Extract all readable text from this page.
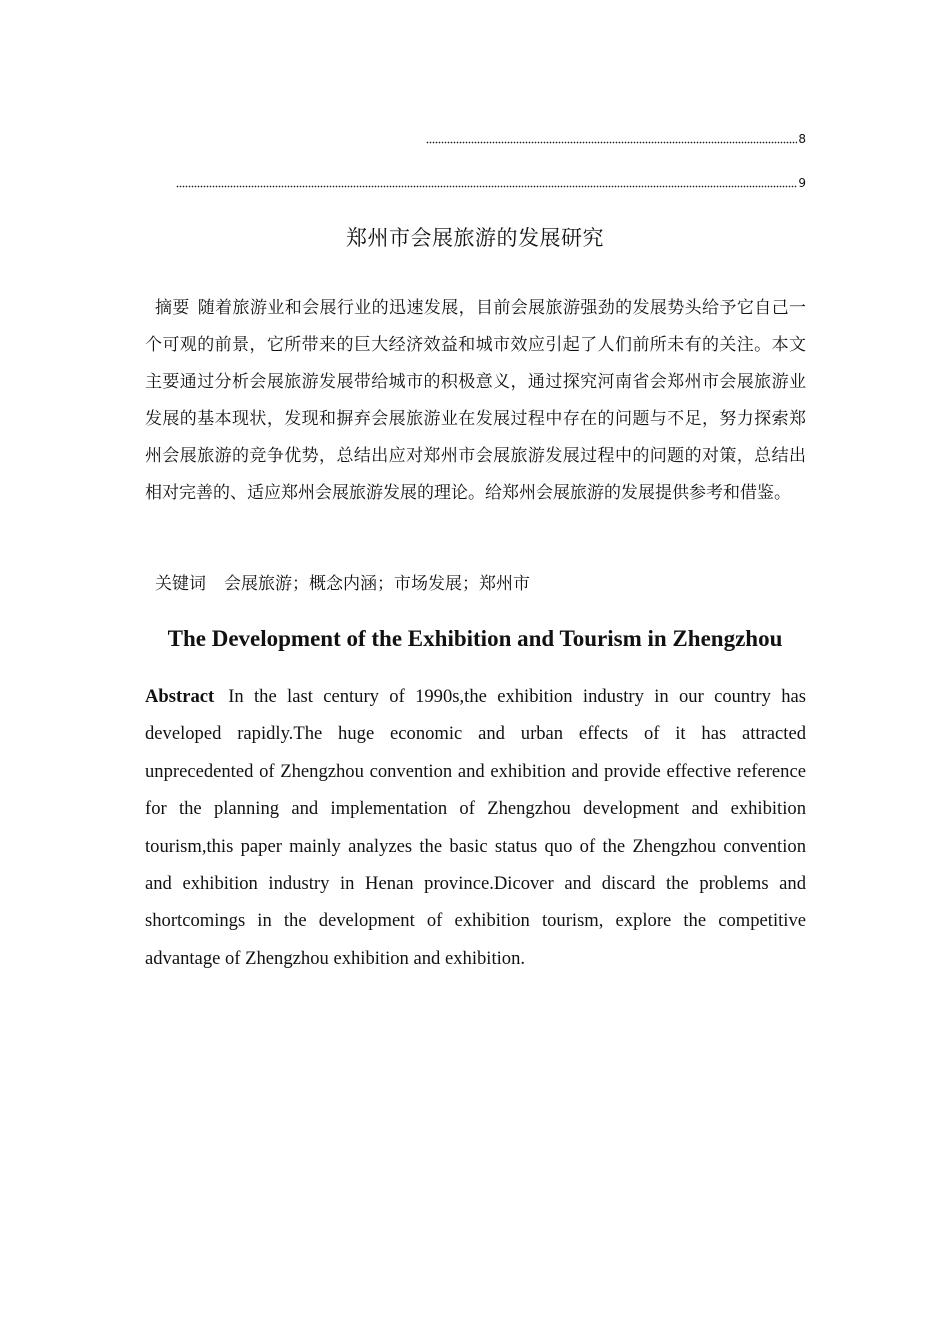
8
9
郑州市会展旅游的发展研究
摘要 随着旅游业和会展行业的迅速发展，目前会展旅游强劲的发展势头给予它自己一个可观的前景，它所带来的巨大经济效益和城市效应引起了人们前所未有的关注。本文主要通过分析会展旅游发展带给城市的积极意义，通过探究河南省会郑州市会展旅游业发展的基本现状，发现和摒弃会展旅游业在发展过程中存在的问题与不足，努力探索郑州会展旅游的竞争优势，总结出应对郑州市会展旅游发展过程中的问题的对策，总结出相对完善的、适应郑州会展旅游发展的理论。给郑州会展旅游的发展提供参考和借鉴。
关键词 会展旅游；概念内涵；市场发展；郑州市
The Development of the Exhibition and Tourism in Zhengzhou
Abstract In the last century of 1990s,the exhibition industry in our country has developed rapidly.The huge economic and urban effects of it has attracted unprecedented of Zhengzhou convention and exhibition and provide effective reference for the planning and implementation of Zhengzhou development and exhibition tourism,this paper mainly analyzes the basic status quo of the Zhengzhou convention and exhibition industry in Henan province.Dicover and discard the problems and shortcomings in the development of exhibition tourism, explore the competitive advantage of Zhengzhou exhibition and exhibition.
